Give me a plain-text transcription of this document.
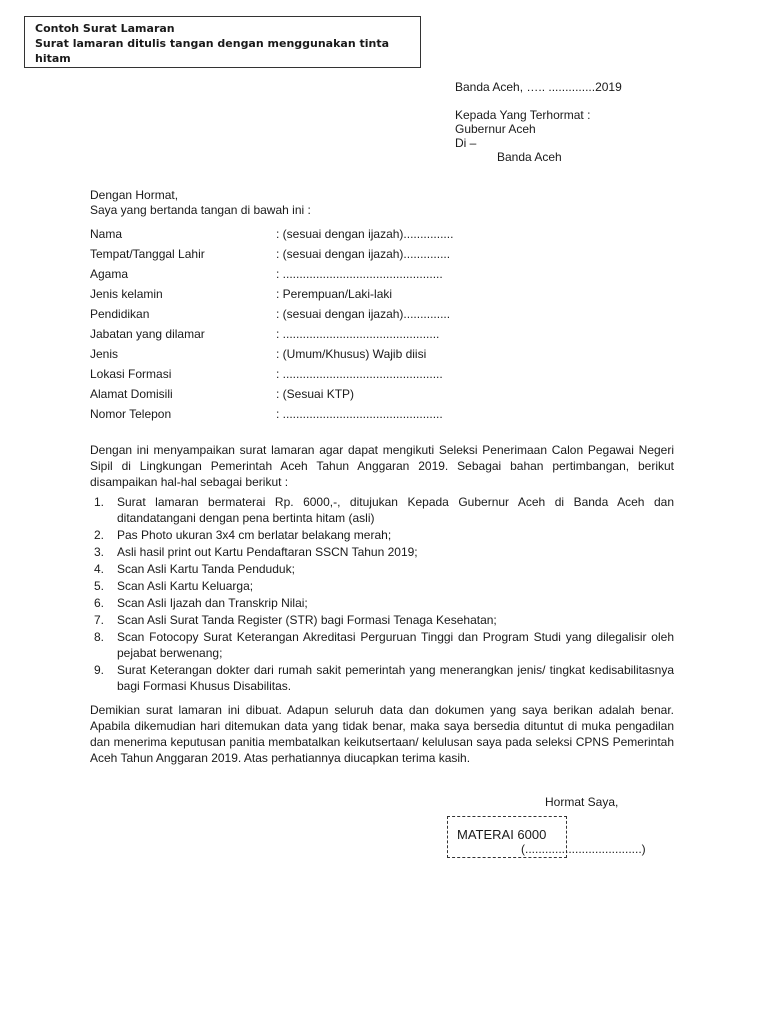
Contoh Surat Lamaran
Surat lamaran ditulis tangan dengan menggunakan tinta hitam
Banda Aceh, ….. ..............2019
Kepada Yang Terhormat :
Gubernur Aceh
Di –
Banda Aceh
Dengan Hormat,
Saya yang bertanda tangan di bawah ini :
Nama	: (sesuai dengan ijazah)...............
Tempat/Tanggal Lahir	: (sesuai dengan ijazah)..............
Agama	: ................................................
Jenis kelamin	: Perempuan/Laki-laki
Pendidikan	: (sesuai dengan ijazah)..............
Jabatan yang dilamar	: ...............................................
Jenis	: (Umum/Khusus) Wajib diisi
Lokasi Formasi	: ................................................
Alamat Domisili	: (Sesuai KTP)
Nomor Telepon	: ................................................

Dengan ini menyampaikan surat lamaran agar dapat mengikuti Seleksi Penerimaan Calon Pegawai Negeri Sipil di Lingkungan Pemerintah Aceh Tahun Anggaran 2019. Sebagai bahan pertimbangan, berikut disampaikan hal-hal sebagai berikut :

1. Surat lamaran bermaterai Rp. 6000,-, ditujukan Kepada Gubernur Aceh di Banda Aceh dan ditandatangani dengan pena bertinta hitam (asli)
2. Pas Photo ukuran 3x4 cm berlatar belakang merah;
3. Asli hasil print out Kartu Pendaftaran SSCN Tahun 2019;
4. Scan Asli Kartu Tanda Penduduk;
5. Scan Asli Kartu Keluarga;
6. Scan Asli Ijazah dan Transkrip Nilai;
7. Scan Asli Surat Tanda Register (STR) bagi Formasi Tenaga Kesehatan;
8. Scan Fotocopy Surat Keterangan Akreditasi Perguruan Tinggi dan Program Studi yang dilegalisir oleh pejabat berwenang;
9. Surat Keterangan dokter dari rumah sakit pemerintah yang menerangkan jenis/ tingkat kedisabilitasnya bagi Formasi Khusus Disabilitas.

Demikian surat lamaran ini dibuat. Adapun seluruh data dan dokumen yang saya berikan adalah benar. Apabila dikemudian hari ditemukan data yang tidak benar, maka saya bersedia dituntut di muka pengadilan dan menerima keputusan panitia membatalkan keikutsertaan/ kelulusan saya pada seleksi CPNS Pemerintah Aceh Tahun Anggaran 2019. Atas perhatiannya diucapkan terima kasih.

Hormat Saya,
MATERAI 6000
(...................................)
